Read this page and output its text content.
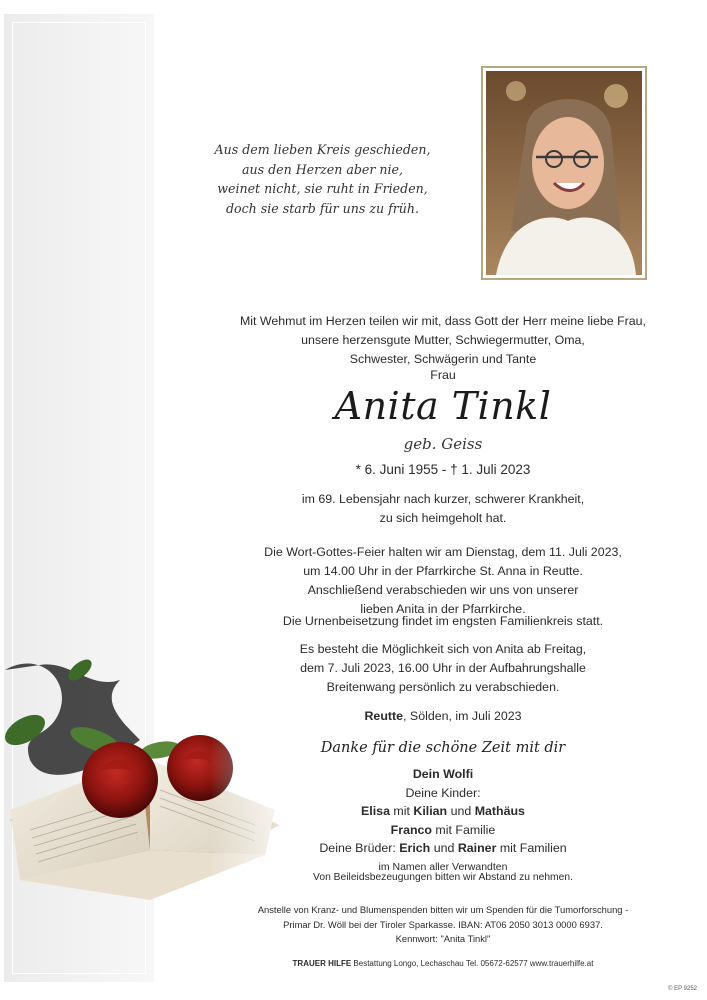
Aus dem lieben Kreis geschieden,
aus den Herzen aber nie,
weinet nicht, sie ruht in Frieden,
doch sie starb für uns zu früh.
Mit Wehmut im Herzen teilen wir mit, dass Gott der Herr meine liebe Frau,
unsere herzensgute Mutter, Schwiegermutter, Oma,
Schwester, Schwägerin und Tante
Frau
Anita Tinkl
geb. Geiss
* 6. Juni 1955 - † 1. Juli 2023
im 69. Lebensjahr nach kurzer, schwerer Krankheit,
zu sich heimgeholt hat.
Die Wort-Gottes-Feier halten wir am Dienstag, dem 11. Juli 2023,
um 14.00 Uhr in der Pfarrkirche St. Anna in Reutte.
Anschließend verabschieden wir uns von unserer
lieben Anita in der Pfarrkirche.
Die Urnenbeisetzung findet im engsten Familienkreis statt.
Es besteht die Möglichkeit sich von Anita ab Freitag,
dem 7. Juli 2023, 16.00 Uhr in der Aufbahrungshalle
Breitenwang persönlich zu verabschieden.
Reutte, Sölden, im Juli 2023
Danke für die schöne Zeit mit dir
Dein Wolfi
Deine Kinder:
Elisa mit Kilian und Mathäus
Franco mit Familie
Deine Brüder: Erich und Rainer mit Familien
im Namen aller Verwandten
Von Beileidsbezeugungen bitten wir Abstand zu nehmen.
Anstelle von Kranz- und Blumenspenden bitten wir um Spenden für die Tumorforschung -
Primar Dr. Wöll bei der Tiroler Sparkasse. IBAN: AT06 2050 3013 0000 6937.
Kennwort: "Anita Tinkl"
TRAUER HILFE Bestattung Longo, Lechaschau Tel. 05672-62577 www.trauerhilfe.at
© EP 9252
